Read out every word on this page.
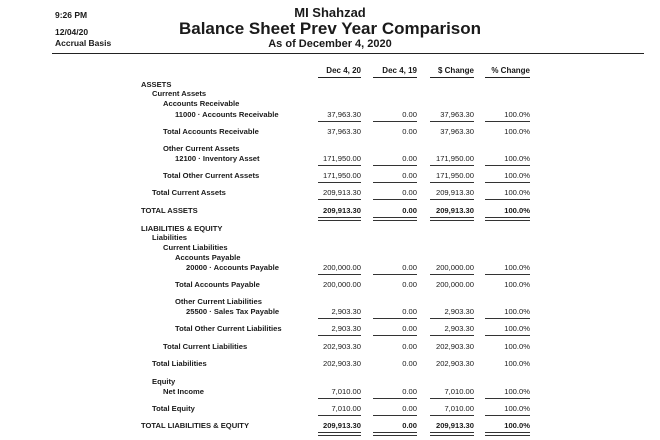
9:26 PM
12/04/20
Accrual Basis
MI Shahzad
Balance Sheet Prev Year Comparison
As of December 4, 2020
Dec 4, 20	Dec 4, 19	$ Change	% Change
ASSETS
Current Assets
Accounts Receivable
11000 · Accounts Receivable	37,963.30	0.00	37,963.30	100.0%
Total Accounts Receivable	37,963.30	0.00	37,963.30	100.0%
Other Current Assets
12100 · Inventory Asset	171,950.00	0.00	171,950.00	100.0%
Total Other Current Assets	171,950.00	0.00	171,950.00	100.0%
Total Current Assets	209,913.30	0.00	209,913.30	100.0%
TOTAL ASSETS	209,913.30	0.00	209,913.30	100.0%
LIABILITIES & EQUITY
Liabilities
Current Liabilities
Accounts Payable
20000 · Accounts Payable	200,000.00	0.00	200,000.00	100.0%
Total Accounts Payable	200,000.00	0.00	200,000.00	100.0%
Other Current Liabilities
25500 · Sales Tax Payable	2,903.30	0.00	2,903.30	100.0%
Total Other Current Liabilities	2,903.30	0.00	2,903.30	100.0%
Total Current Liabilities	202,903.30	0.00	202,903.30	100.0%
Total Liabilities	202,903.30	0.00	202,903.30	100.0%
Equity
Net Income	7,010.00	0.00	7,010.00	100.0%
Total Equity	7,010.00	0.00	7,010.00	100.0%
TOTAL LIABILITIES & EQUITY	209,913.30	0.00	209,913.30	100.0%
